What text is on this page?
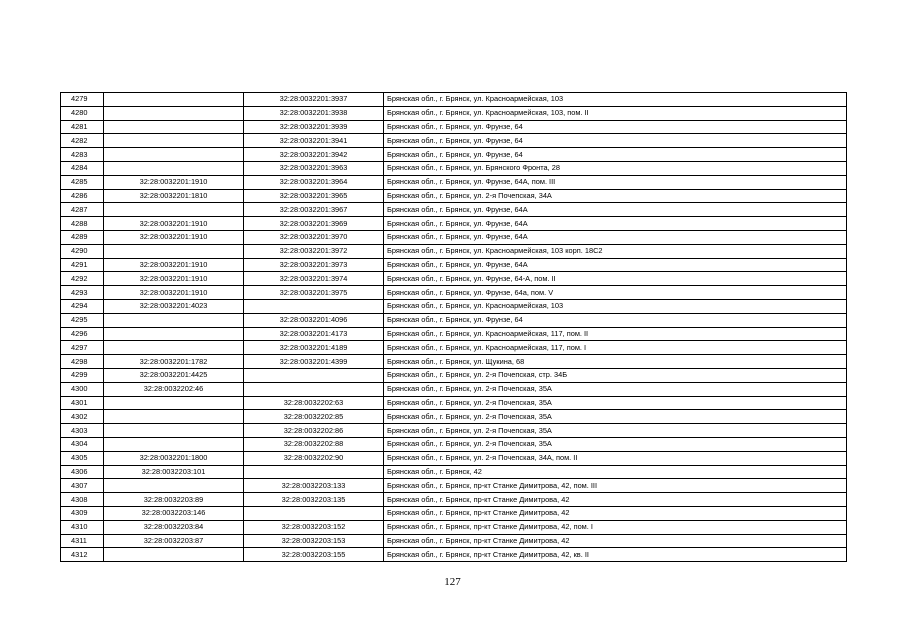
4279		32:28:0032201:3937	Брянская обл., г. Брянск, ул. Красноармейская, 103
4280		32:28:0032201:3938	Брянская обл., г. Брянск, ул. Красноармейская, 103, пом. II
4281		32:28:0032201:3939	Брянская обл., г. Брянск, ул. Фрунзе, 64
4282		32:28:0032201:3941	Брянская обл., г. Брянск, ул. Фрунзе, 64
4283		32:28:0032201:3942	Брянская обл., г. Брянск, ул. Фрунзе, 64
4284		32:28:0032201:3963	Брянская обл., г. Брянск, ул. Брянского Фронта, 28
4285	32:28:0032201:1910	32:28:0032201:3964	Брянская обл., г. Брянск, ул. Фрунзе, 64А, пом. III
4286	32:28:0032201:1810	32:28:0032201:3965	Брянская обл., г. Брянск, ул. 2-я Почепская, 34А
4287		32:28:0032201:3967	Брянская обл., г. Брянск, ул. Фрунзе, 64А
4288	32:28:0032201:1910	32:28:0032201:3969	Брянская обл., г. Брянск, ул. Фрунзе, 64А
4289	32:28:0032201:1910	32:28:0032201:3970	Брянская обл., г. Брянск, ул. Фрунзе, 64А
4290		32:28:0032201:3972	Брянская обл., г. Брянск, ул. Красноармейская, 103 корп. 18С2
4291	32:28:0032201:1910	32:28:0032201:3973	Брянская обл., г. Брянск, ул. Фрунзе, 64А
4292	32:28:0032201:1910	32:28:0032201:3974	Брянская обл., г. Брянск, ул. Фрунзе, 64-А, пом. II
4293	32:28:0032201:1910	32:28:0032201:3975	Брянская обл., г. Брянск, ул. Фрунзе, 64а, пом. V
4294	32:28:0032201:4023		Брянская обл., г. Брянск, ул. Красноармейская, 103
4295		32:28:0032201:4096	Брянская обл., г. Брянск, ул. Фрунзе, 64
4296		32:28:0032201:4173	Брянская обл., г. Брянск, ул. Красноармейская, 117, пом. II
4297		32:28:0032201:4189	Брянская обл., г. Брянск, ул. Красноармейская, 117, пом. I
4298	32:28:0032201:1782	32:28:0032201:4399	Брянская обл., г. Брянск, ул. Щукина, 68
4299	32:28:0032201:4425		Брянская обл., г. Брянск, ул. 2-я Почепская, стр. 34Б
4300	32:28:0032202:46		Брянская обл., г. Брянск, ул. 2-я Почепская, 35А
4301		32:28:0032202:63	Брянская обл., г. Брянск, ул. 2-я Почепская, 35А
4302		32:28:0032202:85	Брянская обл., г. Брянск, ул. 2-я Почепская, 35А
4303		32:28:0032202:86	Брянская обл., г. Брянск, ул. 2-я Почепская, 35А
4304		32:28:0032202:88	Брянская обл., г. Брянск, ул. 2-я Почепская, 35А
4305	32:28:0032201:1800	32:28:0032202:90	Брянская обл., г. Брянск, ул. 2-я Почепская, 34А, пом. II
4306	32:28:0032203:101		Брянская обл., г. Брянск, 42
4307		32:28:0032203:133	Брянская обл., г. Брянск, пр-кт Станке Димитрова, 42, пом. III
4308	32:28:0032203:89	32:28:0032203:135	Брянская обл., г. Брянск, пр-кт Станке Димитрова, 42
4309	32:28:0032203:146		Брянская обл., г. Брянск, пр-кт Станке Димитрова, 42
4310	32:28:0032203:84	32:28:0032203:152	Брянская обл., г. Брянск, пр-кт Станке Димитрова, 42, пом. I
4311	32:28:0032203:87	32:28:0032203:153	Брянская обл., г. Брянск, пр-кт Станке Димитрова, 42
4312		32:28:0032203:155	Брянская обл., г. Брянск, пр-кт Станке Димитрова, 42, кв. II
127
